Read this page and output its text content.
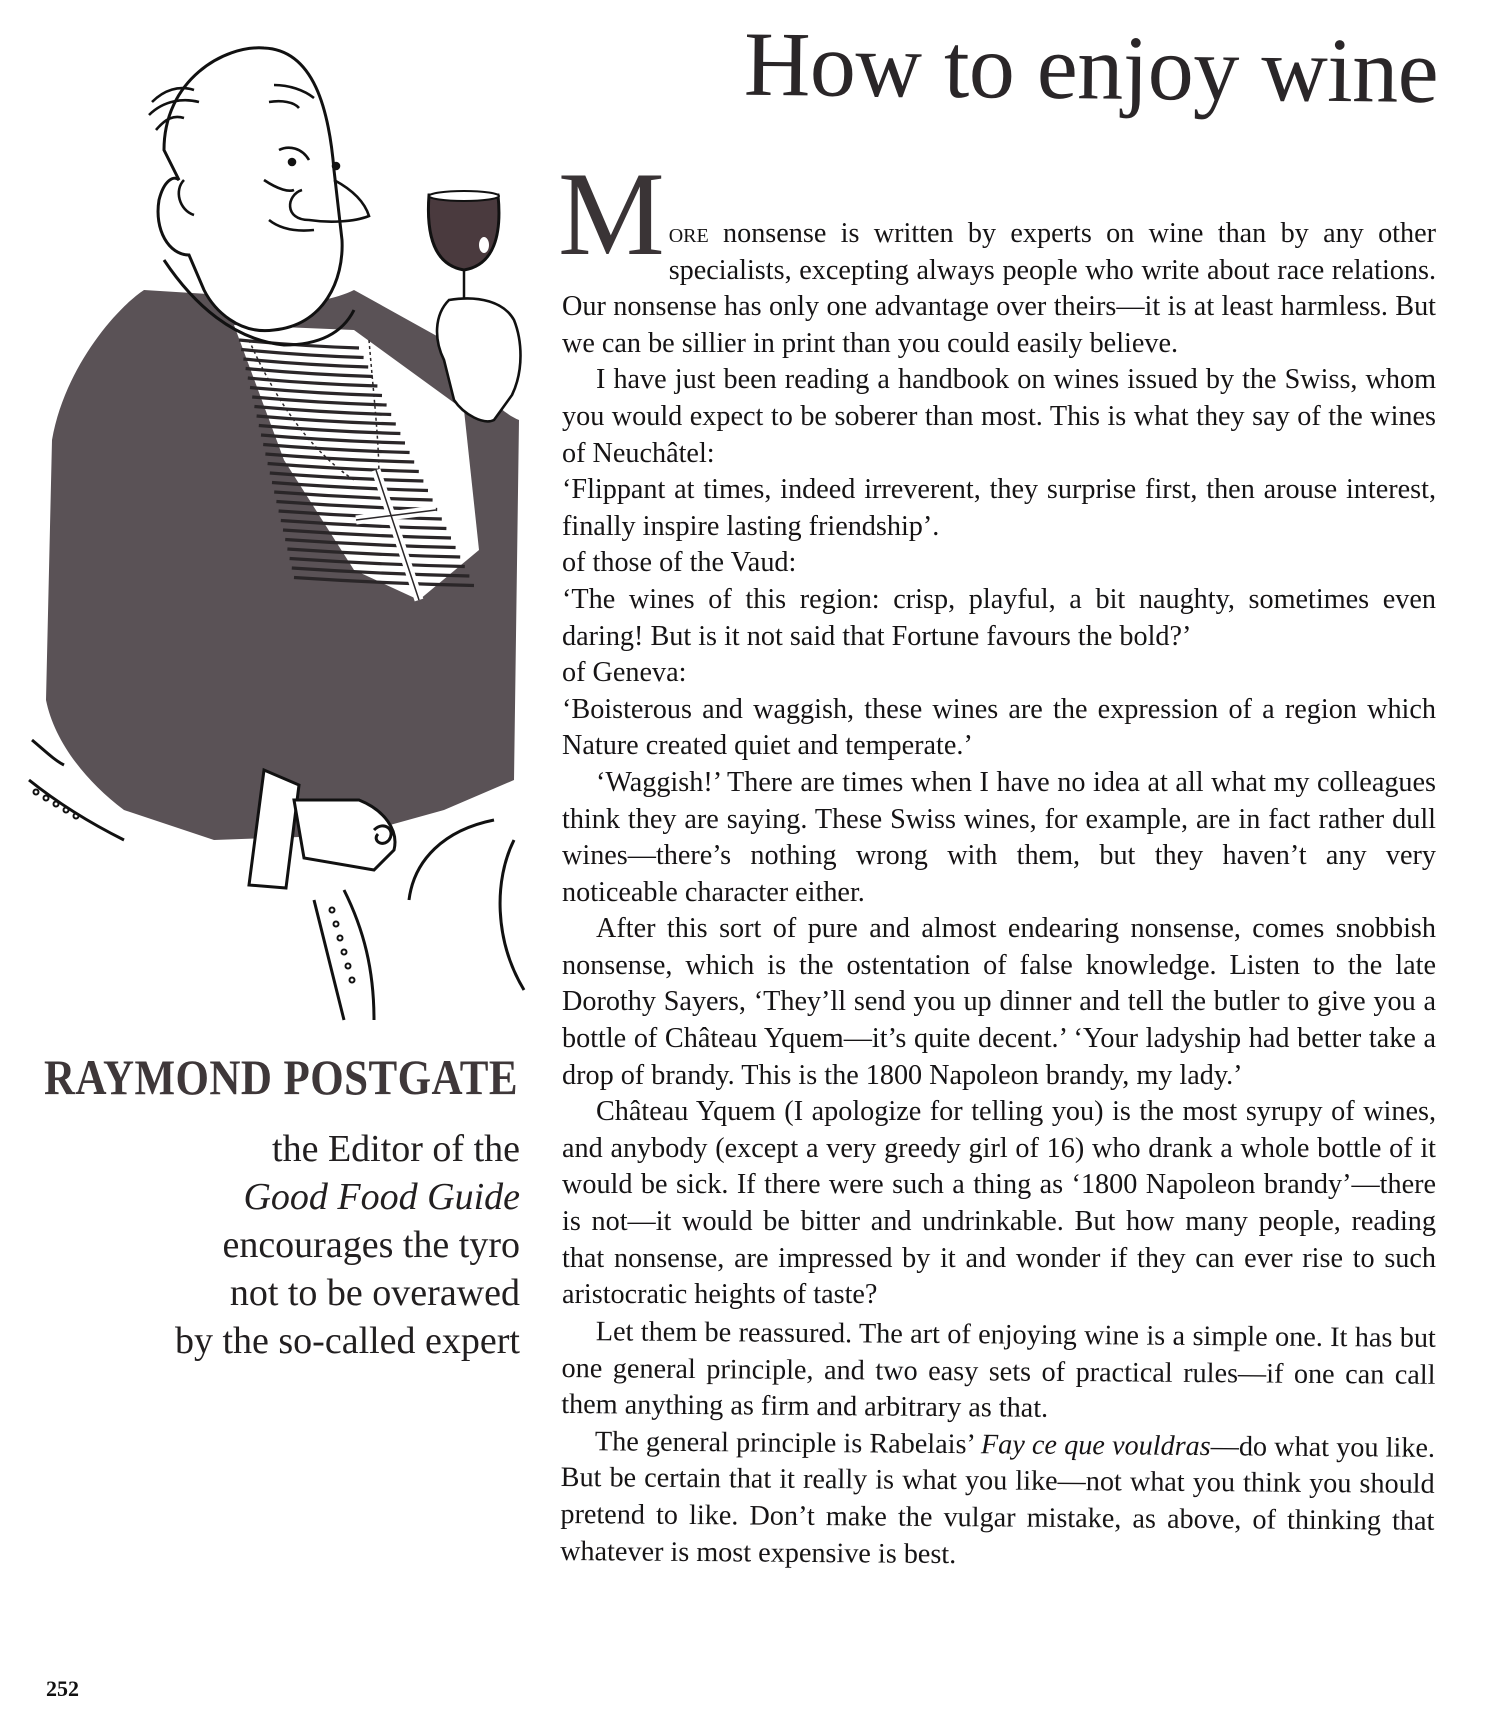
How to enjoy wine
RAYMOND POSTGATE
the Editor of the
Good Food Guide
encourages the tyro
not to be overawed
by the so-called expert

M ore nonsense is written by experts on wine than by any other specialists, excepting always people who write about race relations. Our nonsense has only one advantage over theirs—it is at least harmless. But we can be sillier in print than you could easily believe.

I have just been reading a handbook on wines issued by the Swiss, whom you would expect to be soberer than most. This is what they say of the wines of Neuchâtel:

‘Flippant at times, indeed irreverent, they surprise first, then arouse interest, finally inspire lasting friendship’.

of those of the Vaud:

‘The wines of this region: crisp, playful, a bit naughty, sometimes even daring! But is it not said that Fortune favours the bold?’

of Geneva:

‘Boisterous and waggish, these wines are the expression of a region which Nature created quiet and temperate.’

‘Waggish!’ There are times when I have no idea at all what my colleagues think they are saying. These Swiss wines, for example, are in fact rather dull wines—there’s nothing wrong with them, but they haven’t any very noticeable character either.

After this sort of pure and almost endearing nonsense, comes snobbish nonsense, which is the ostentation of false knowledge. Listen to the late Dorothy Sayers, ‘They’ll send you up dinner and tell the butler to give you a bottle of Château Yquem—it’s quite decent.’ ‘Your ladyship had better take a drop of brandy. This is the 1800 Napoleon brandy, my lady.’

Château Yquem (I apologize for telling you) is the most syrupy of wines, and anybody (except a very greedy girl of 16) who drank a whole bottle of it would be sick. If there were such a thing as ‘1800 Napoleon brandy’—there is not—it would be bitter and undrinkable. But how many people, reading that nonsense, are impressed by it and wonder if they can ever rise to such aristocratic heights of taste?

Let them be reassured. The art of enjoying wine is a simple one. It has but one general principle, and two easy sets of practical rules—if one can call them anything as firm and arbitrary as that.

The general principle is Rabelais’ Fay ce que vouldras—do what you like. But be certain that it really is what you like—not what you think you should pretend to like. Don’t make the vulgar mistake, as above, of thinking that whatever is most expensive is best.

252
